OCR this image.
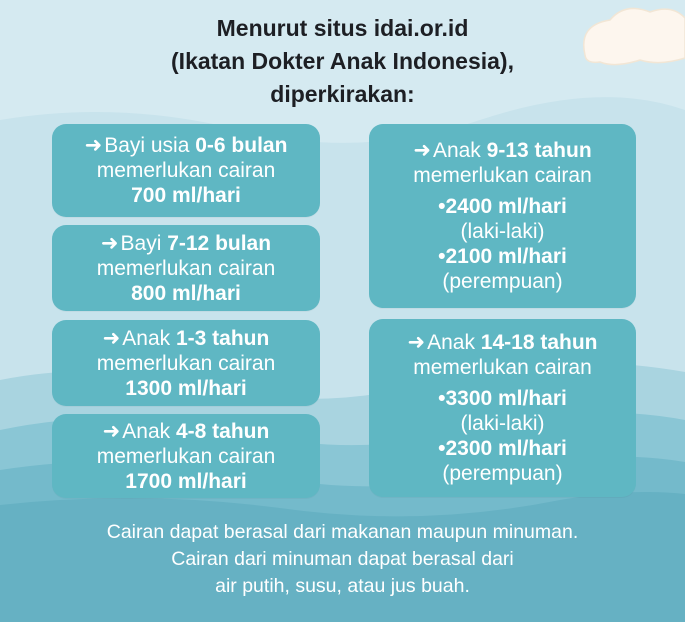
Menurut situs idai.or.id
(Ikatan Dokter Anak Indonesia),
diperkirakan:
➜Bayi usia 0-6 bulan
memerlukan cairan
700 ml/hari
➜Bayi 7-12 bulan
memerlukan cairan
800 ml/hari
➜Anak 1-3 tahun
memerlukan cairan
1300 ml/hari
➜Anak 4-8 tahun
memerlukan cairan
1700 ml/hari
➜Anak 9-13 tahun
memerlukan cairan
•2400 ml/hari
(laki-laki)
•2100 ml/hari
(perempuan)
➜Anak 14-18 tahun
memerlukan cairan
•3300 ml/hari
(laki-laki)
•2300 ml/hari
(perempuan)
Cairan dapat berasal dari makanan maupun minuman.
Cairan dari minuman dapat berasal dari
air putih, susu, atau jus buah.
